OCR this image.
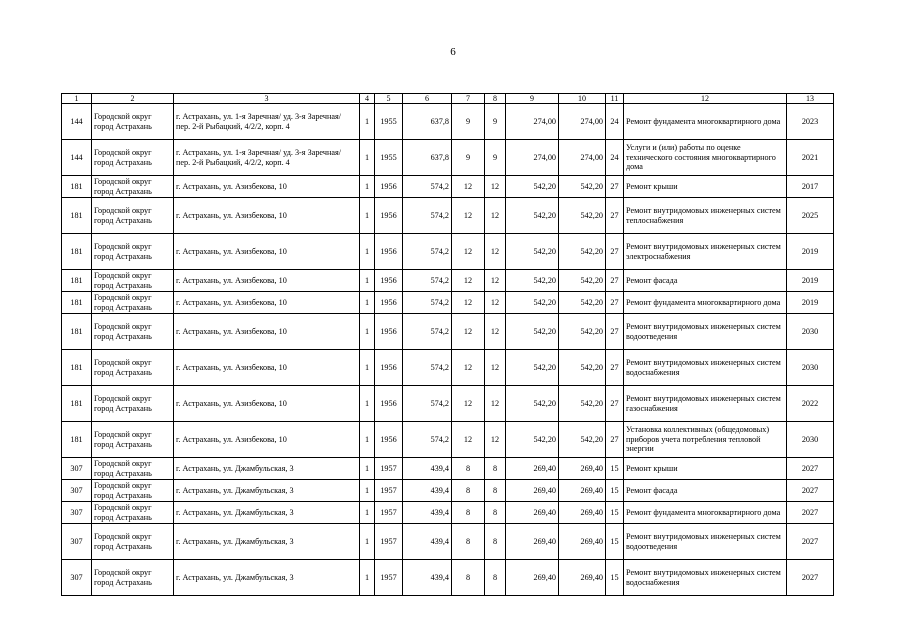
6
1	2	3	4	5	6	7	8	9	10	11	12	13
144	Городской округ город Астрахань	г. Астрахань, ул. 1-я Заречная/ уд. 3-я Заречная/ пер. 2-й Рыбацкий, 4/2/2, корп. 4	1	1955	637,8	9	9	274,00	274,00	24	Ремонт фундамента многоквартирного дома	2023
144	Городской округ город Астрахань	г. Астрахань, ул. 1-я Заречная/ уд. 3-я Заречная/ пер. 2-й Рыбацкий, 4/2/2, корп. 4	1	1955	637,8	9	9	274,00	274,00	24	Услуги и (или) работы по оценке технического состояния многоквартирного дома	2021
181	Городской округ город Астрахань	г. Астрахань, ул. Азизбекова, 10	1	1956	574,2	12	12	542,20	542,20	27	Ремонт крыши	2017
181	Городской округ город Астрахань	г. Астрахань, ул. Азизбекова, 10	1	1956	574,2	12	12	542,20	542,20	27	Ремонт внутридомовых инженерных систем теплоснабжения	2025
181	Городской округ город Астрахань	г. Астрахань, ул. Азизбекова, 10	1	1956	574,2	12	12	542,20	542,20	27	Ремонт внутридомовых инженерных систем электроснабжения	2019
181	Городской округ город Астрахань	г. Астрахань, ул. Азизбекова, 10	1	1956	574,2	12	12	542,20	542,20	27	Ремонт фасада	2019
181	Городской округ город Астрахань	г. Астрахань, ул. Азизбекова, 10	1	1956	574,2	12	12	542,20	542,20	27	Ремонт фундамента многоквартирного дома	2019
181	Городской округ город Астрахань	г. Астрахань, ул. Азизбекова, 10	1	1956	574,2	12	12	542,20	542,20	27	Ремонт внутридомовых инженерных систем водоотведения	2030
181	Городской округ город Астрахань	г. Астрахань, ул. Азизбекова, 10	1	1956	574,2	12	12	542,20	542,20	27	Ремонт внутридомовых инженерных систем водоснабжения	2030
181	Городской округ город Астрахань	г. Астрахань, ул. Азизбекова, 10	1	1956	574,2	12	12	542,20	542,20	27	Ремонт внутридомовых инженерных систем газоснабжения	2022
181	Городской округ город Астрахань	г. Астрахань, ул. Азизбекова, 10	1	1956	574,2	12	12	542,20	542,20	27	Установка коллективных (общедомовых) приборов учета потребления тепловой энергии	2030
307	Городской округ город Астрахань	г. Астрахань, ул. Джамбульская, 3	1	1957	439,4	8	8	269,40	269,40	15	Ремонт крыши	2027
307	Городской округ город Астрахань	г. Астрахань, ул. Джамбульская, 3	1	1957	439,4	8	8	269,40	269,40	15	Ремонт фасада	2027
307	Городской округ город Астрахань	г. Астрахань, ул. Джамбульская, 3	1	1957	439,4	8	8	269,40	269,40	15	Ремонт фундамента многоквартирного дома	2027
307	Городской округ город Астрахань	г. Астрахань, ул. Джамбульская, 3	1	1957	439,4	8	8	269,40	269,40	15	Ремонт внутридомовых инженерных систем водоотведения	2027
307	Городской округ город Астрахань	г. Астрахань, ул. Джамбульская, 3	1	1957	439,4	8	8	269,40	269,40	15	Ремонт внутридомовых инженерных систем водоснабжения	2027
